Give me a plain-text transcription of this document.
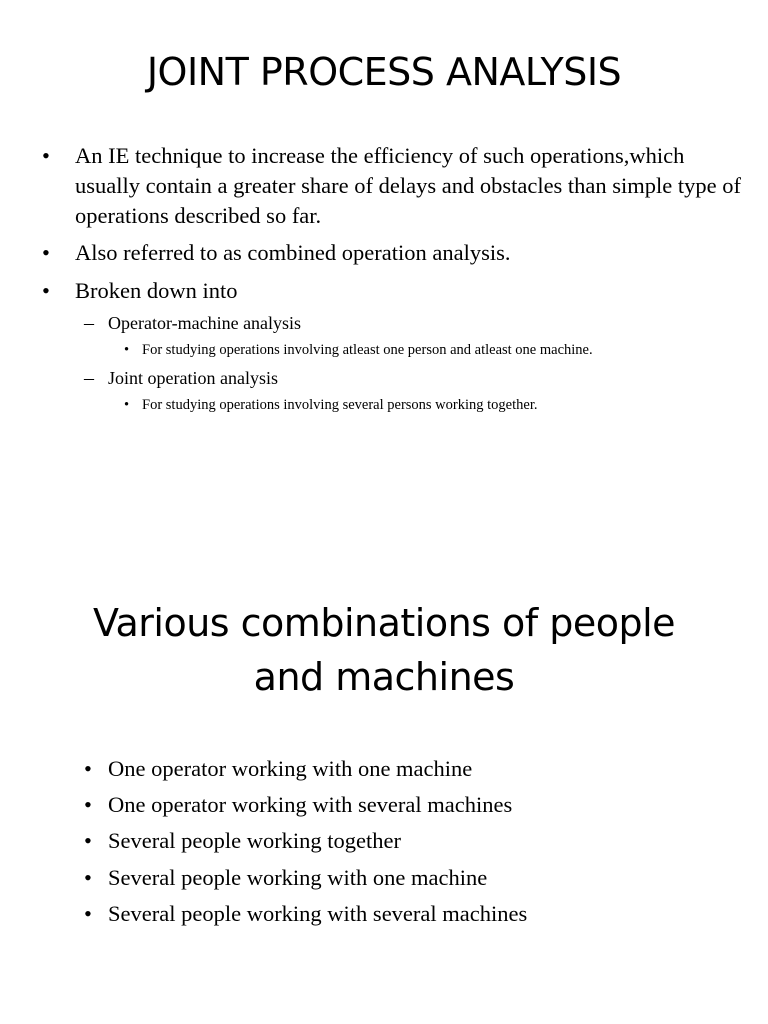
JOINT PROCESS ANALYSIS
• An IE technique to increase the efficiency of such operations,which usually contain a greater share of delays and obstacles than simple type of operations described so far.
• Also referred to as combined operation analysis.
• Broken down into
– Operator-machine analysis
• For studying operations involving atleast one person and atleast one machine.
– Joint operation analysis
• For studying operations involving several persons working together.
Various combinations of people
and machines
• One operator working with one machine
• One operator working with several machines
• Several people working together
• Several people working with one machine
• Several people working with several machines
